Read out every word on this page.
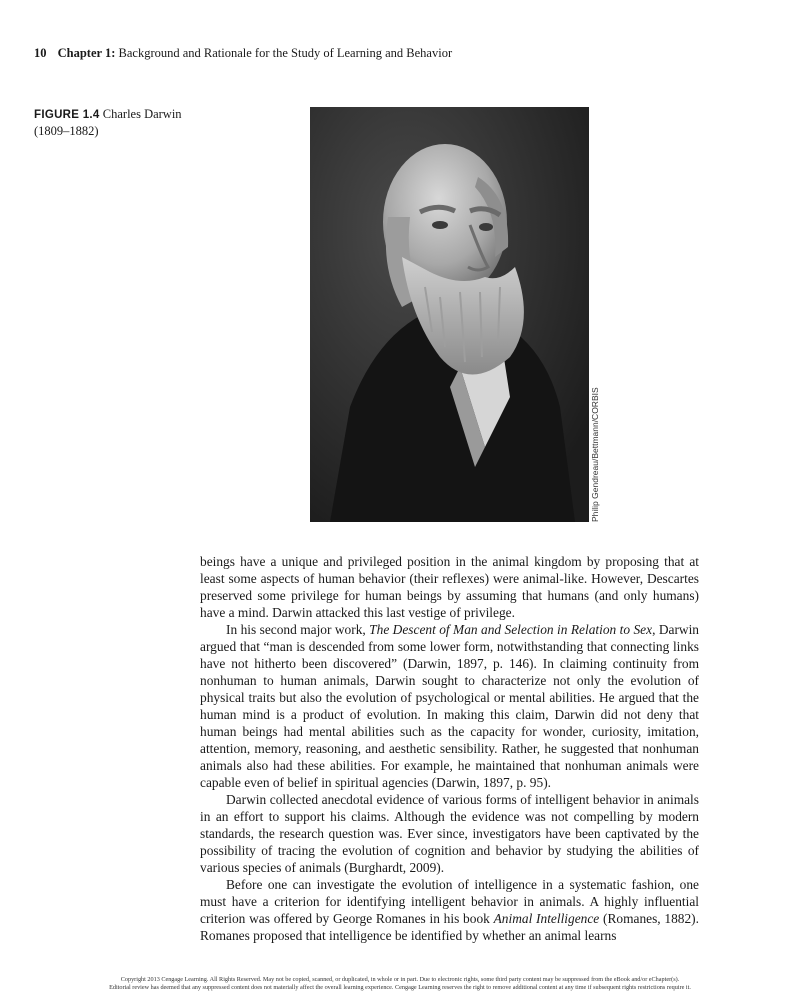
10 Chapter 1: Background and Rationale for the Study of Learning and Behavior
FIGURE 1.4 Charles Darwin (1809–1882)
Philip Gendreau/Bettmann/CORBIS

beings have a unique and privileged position in the animal kingdom by proposing that at least some aspects of human behavior (their reflexes) were animal-like. However, Descartes preserved some privilege for human beings by assuming that humans (and only humans) have a mind. Darwin attacked this last vestige of privilege.

In his second major work, The Descent of Man and Selection in Relation to Sex, Darwin argued that “man is descended from some lower form, notwithstanding that connecting links have not hitherto been discovered” (Darwin, 1897, p. 146). In claiming continuity from nonhuman to human animals, Darwin sought to characterize not only the evolution of physical traits but also the evolution of psychological or mental abilities. He argued that the human mind is a product of evolution. In making this claim, Darwin did not deny that human beings had mental abilities such as the capacity for wonder, curiosity, imitation, attention, memory, reasoning, and aesthetic sensibility. Rather, he suggested that nonhuman animals also had these abilities. For example, he maintained that nonhuman animals were capable even of belief in spiritual agencies (Darwin, 1897, p. 95).

Darwin collected anecdotal evidence of various forms of intelligent behavior in animals in an effort to support his claims. Although the evidence was not compelling by modern standards, the research question was. Ever since, investigators have been captivated by the possibility of tracing the evolution of cognition and behavior by studying the abilities of various species of animals (Burghardt, 2009).

Before one can investigate the evolution of intelligence in a systematic fashion, one must have a criterion for identifying intelligent behavior in animals. A highly influential criterion was offered by George Romanes in his book Animal Intelligence (Romanes, 1882). Romanes proposed that intelligence be identified by whether an animal learns

Copyright 2013 Cengage Learning. All Rights Reserved. May not be copied, scanned, or duplicated, in whole or in part. Due to electronic rights, some third party content may be suppressed from the eBook and/or eChapter(s).
Editorial review has deemed that any suppressed content does not materially affect the overall learning experience. Cengage Learning reserves the right to remove additional content at any time if subsequent rights restrictions require it.
